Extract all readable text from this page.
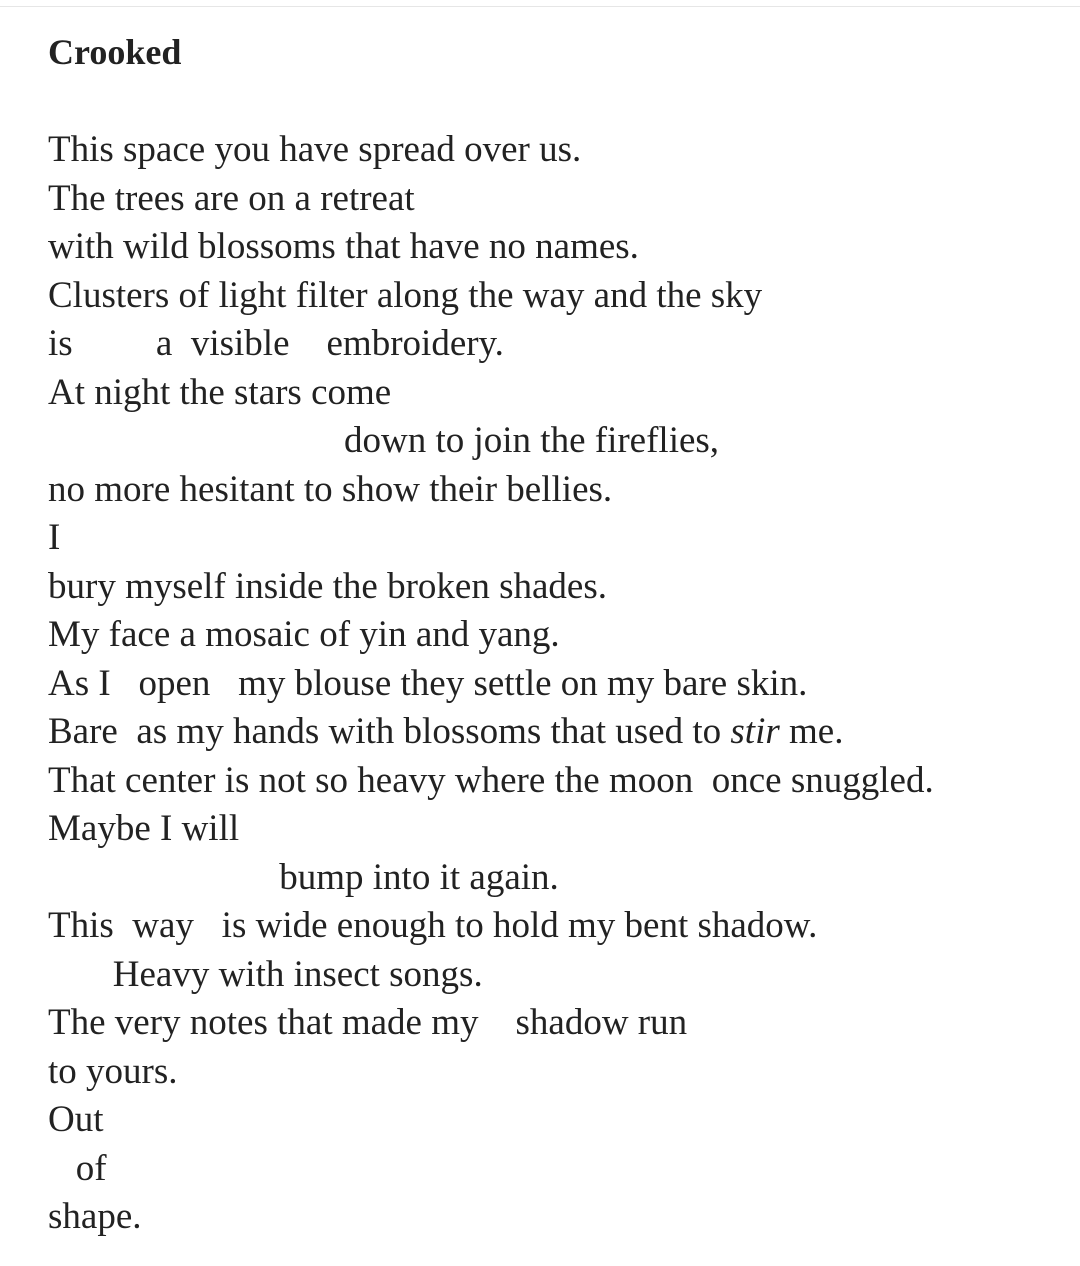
Crooked
This space you have spread over us.
The trees are on a retreat
with wild blossoms that have no names.
Clusters of light filter along the way and the sky
is         a  visible    embroidery.
At night the stars come
down to join the fireflies,
no more hesitant to show their bellies.
I
bury myself inside the broken shades.
My face a mosaic of yin and yang.
As I   open   my blouse they settle on my bare skin.
Bare  as my hands with blossoms that used to stir me.
That center is not so heavy where the moon  once snuggled.
Maybe I will
bump into it again.
This  way   is wide enough to hold my bent shadow.
Heavy with insect songs.
The very notes that made my    shadow run
to yours.
Out
of
shape.
